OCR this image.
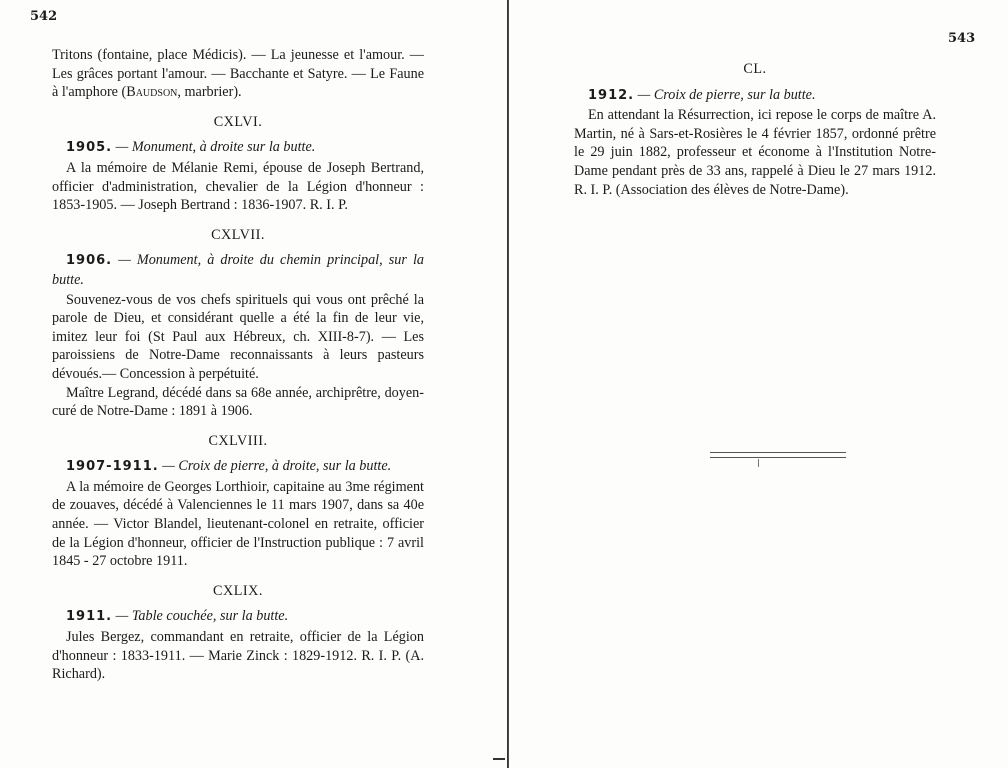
542

Tritons (fontaine, place Médicis). — La jeunesse et l'amour. — Les grâces portant l'amour. — Bacchante et Satyre. — Le Faune à l'amphore (Baudson, marbrier).

CXLVI.

1905. — Monument, à droite sur la butte.

A la mémoire de Mélanie Remi, épouse de Joseph Bertrand, officier d'administration, chevalier de la Légion d'honneur : 1853-1905. — Joseph Bertrand : 1836-1907. R. I. P.

CXLVII.

1906. — Monument, à droite du chemin principal, sur la butte.

Souvenez-vous de vos chefs spirituels qui vous ont prêché la parole de Dieu, et considérant quelle a été la fin de leur vie, imitez leur foi (St Paul aux Hébreux, ch. XIII-8-7). — Les paroissiens de Notre-Dame reconnaissants à leurs pasteurs dévoués.— Concession à perpétuité.

Maître Legrand, décédé dans sa 68e année, archiprêtre, doyen-curé de Notre-Dame : 1891 à 1906.

CXLVIII.

1907-1911. — Croix de pierre, à droite, sur la butte.

A la mémoire de Georges Lorthioir, capitaine au 3me régiment de zouaves, décédé à Valenciennes le 11 mars 1907, dans sa 40e année. — Victor Blandel, lieutenant-colonel en retraite, officier de la Légion d'honneur, officier de l'Instruction publique : 7 avril 1845 - 27 octobre 1911.

CXLIX.

1911. — Table couchée, sur la butte.

Jules Bergez, commandant en retraite, officier de la Légion d'honneur : 1833-1911. — Marie Zinck : 1829-1912. R. I. P. (A. Richard).

543
CL.

1912. — Croix de pierre, sur la butte.

En attendant la Résurrection, ici repose le corps de maître A. Martin, né à Sars-et-Rosières le 4 février 1857, ordonné prêtre le 29 juin 1882, professeur et économe à l'Institution Notre-Dame pendant près de 33 ans, rappelé à Dieu le 27 mars 1912. R. I. P. (Association des élèves de Notre-Dame).
